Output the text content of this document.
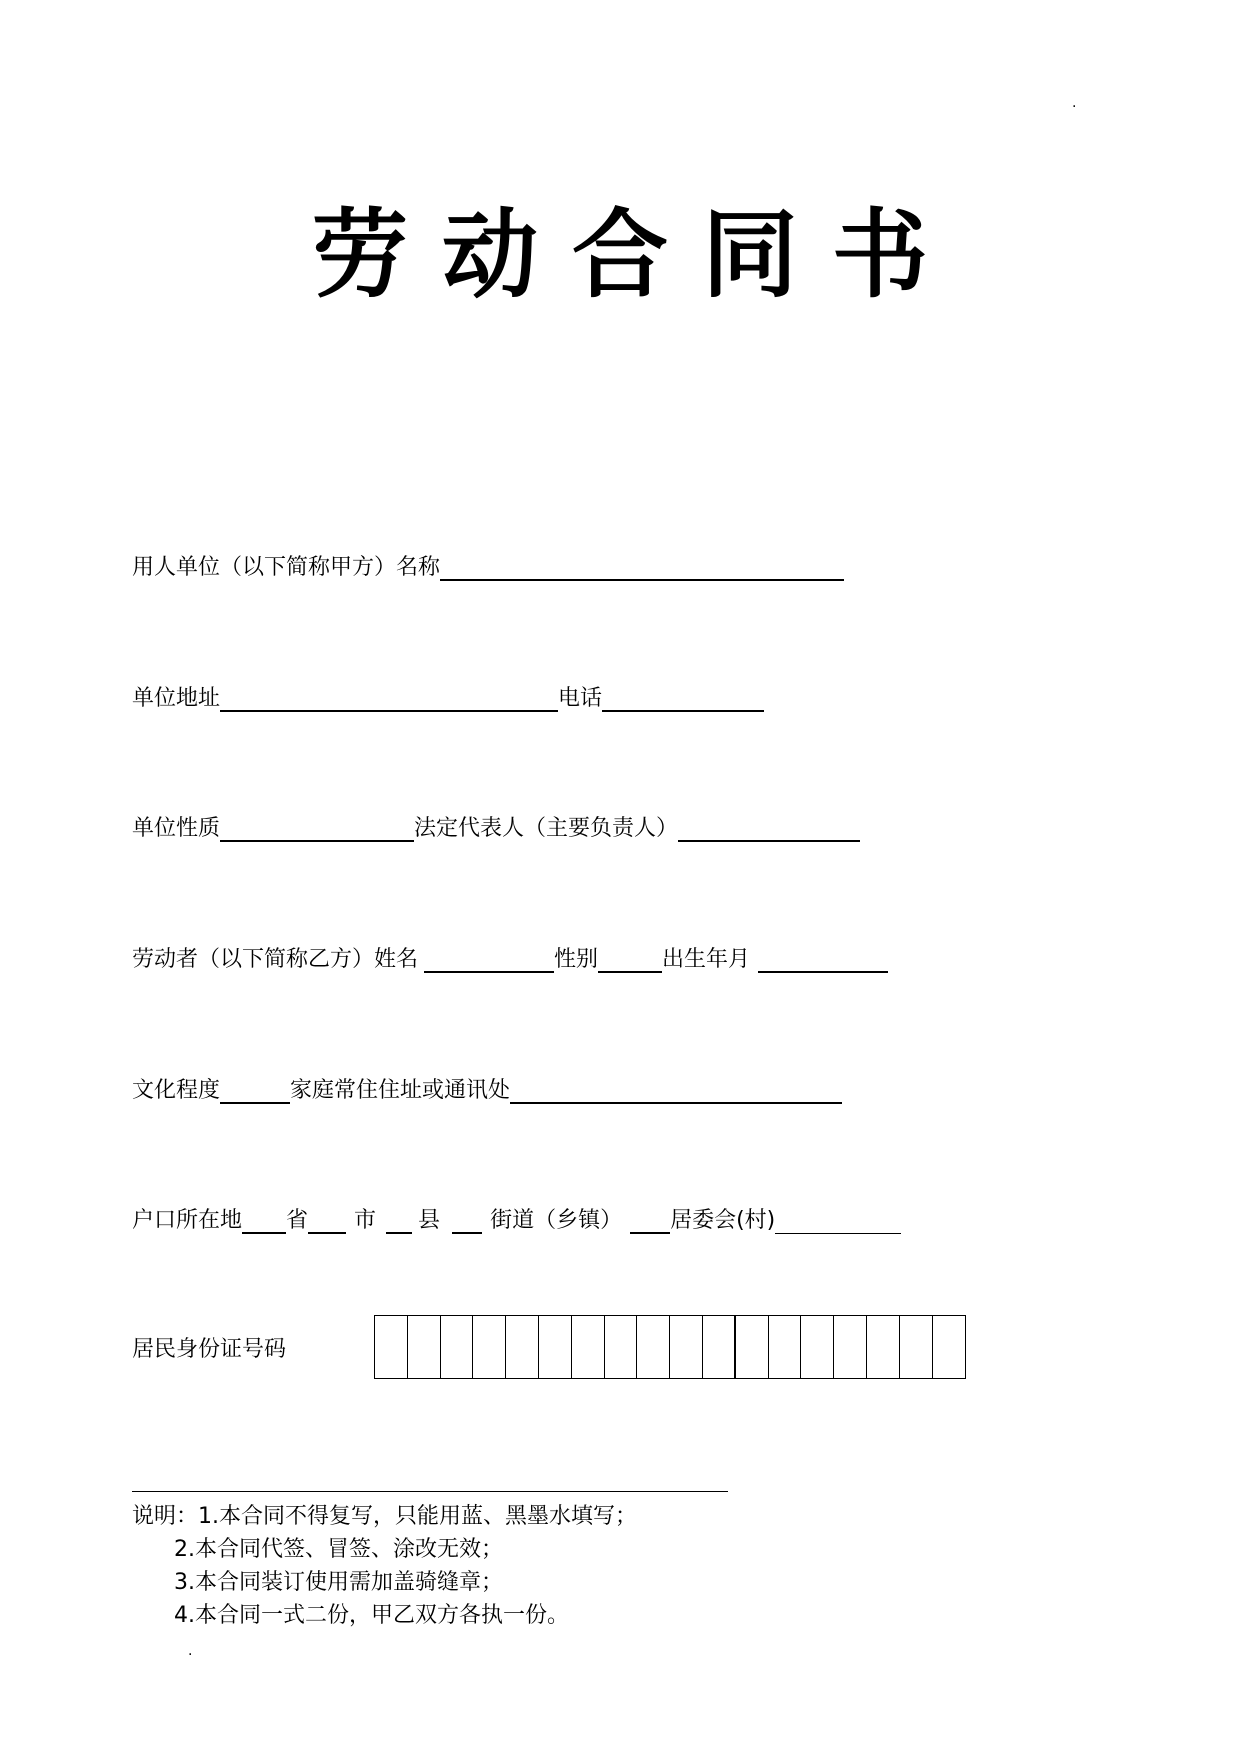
.
劳动合同书
用人单位（以下简称甲方）名称
单位地址	电话
单位性质	法定代表人（主要负责人）
劳动者（以下简称乙方）姓名	性别	出生年月
文化程度	家庭常住住址或通讯处
户口所在地 省 市 县 街道（乡镇） 居委会(村)
居民身份证号码
说明：1.本合同不得复写，只能用蓝、黑墨水填写；
2.本合同代签、冒签、涂改无效；
3.本合同装订使用需加盖骑缝章；
4.本合同一式二份，甲乙双方各执一份。
.
